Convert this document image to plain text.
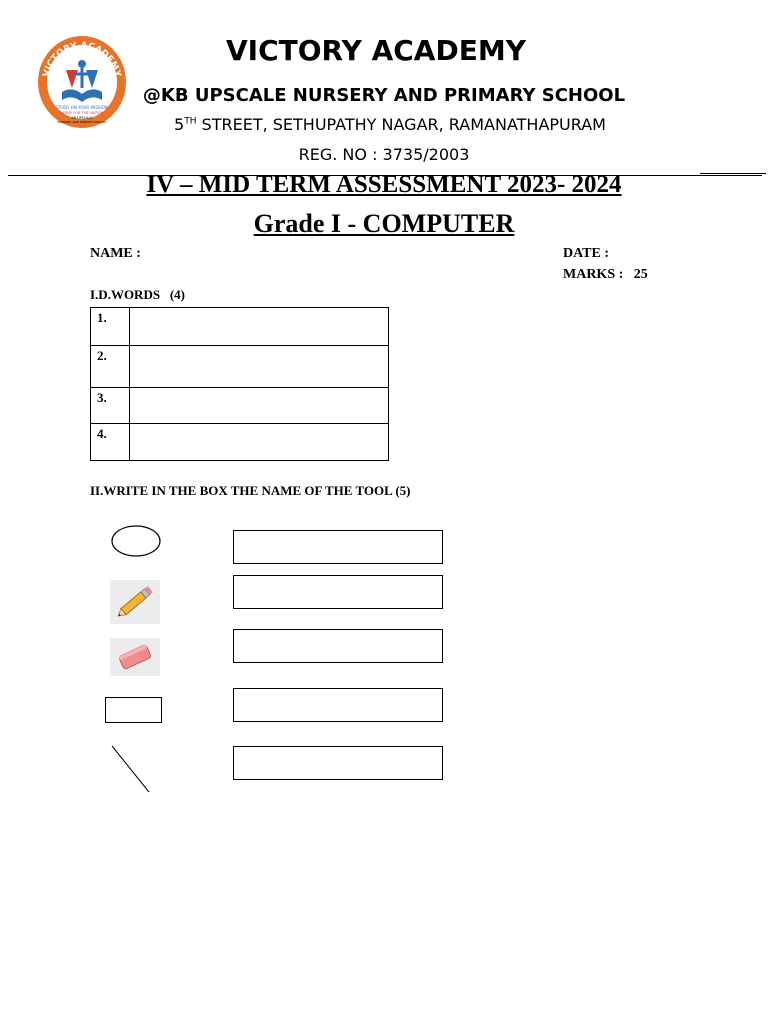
STUDY ON YOUR PASSION
SERVE FOR THE NATION
KB UPSCALE
NURSERY AND PRIMARY SCHOOL
VICTORY ACADEMY
VICTORY ACADEMY
@KB UPSCALE NURSERY AND PRIMARY SCHOOL
5TH STREET, SETHUPATHY NAGAR, RAMANATHAPURAM
REG. NO : 3735/2003
IV – MID TERM ASSESSMENT 2023- 2024
Grade I - COMPUTER
NAME :	DATE :
MARKS : 25
I.D.WORDS   (4)
1.	
2.	
3.	
4.	
II.WRITE IN THE BOX THE NAME OF THE TOOL (5)
